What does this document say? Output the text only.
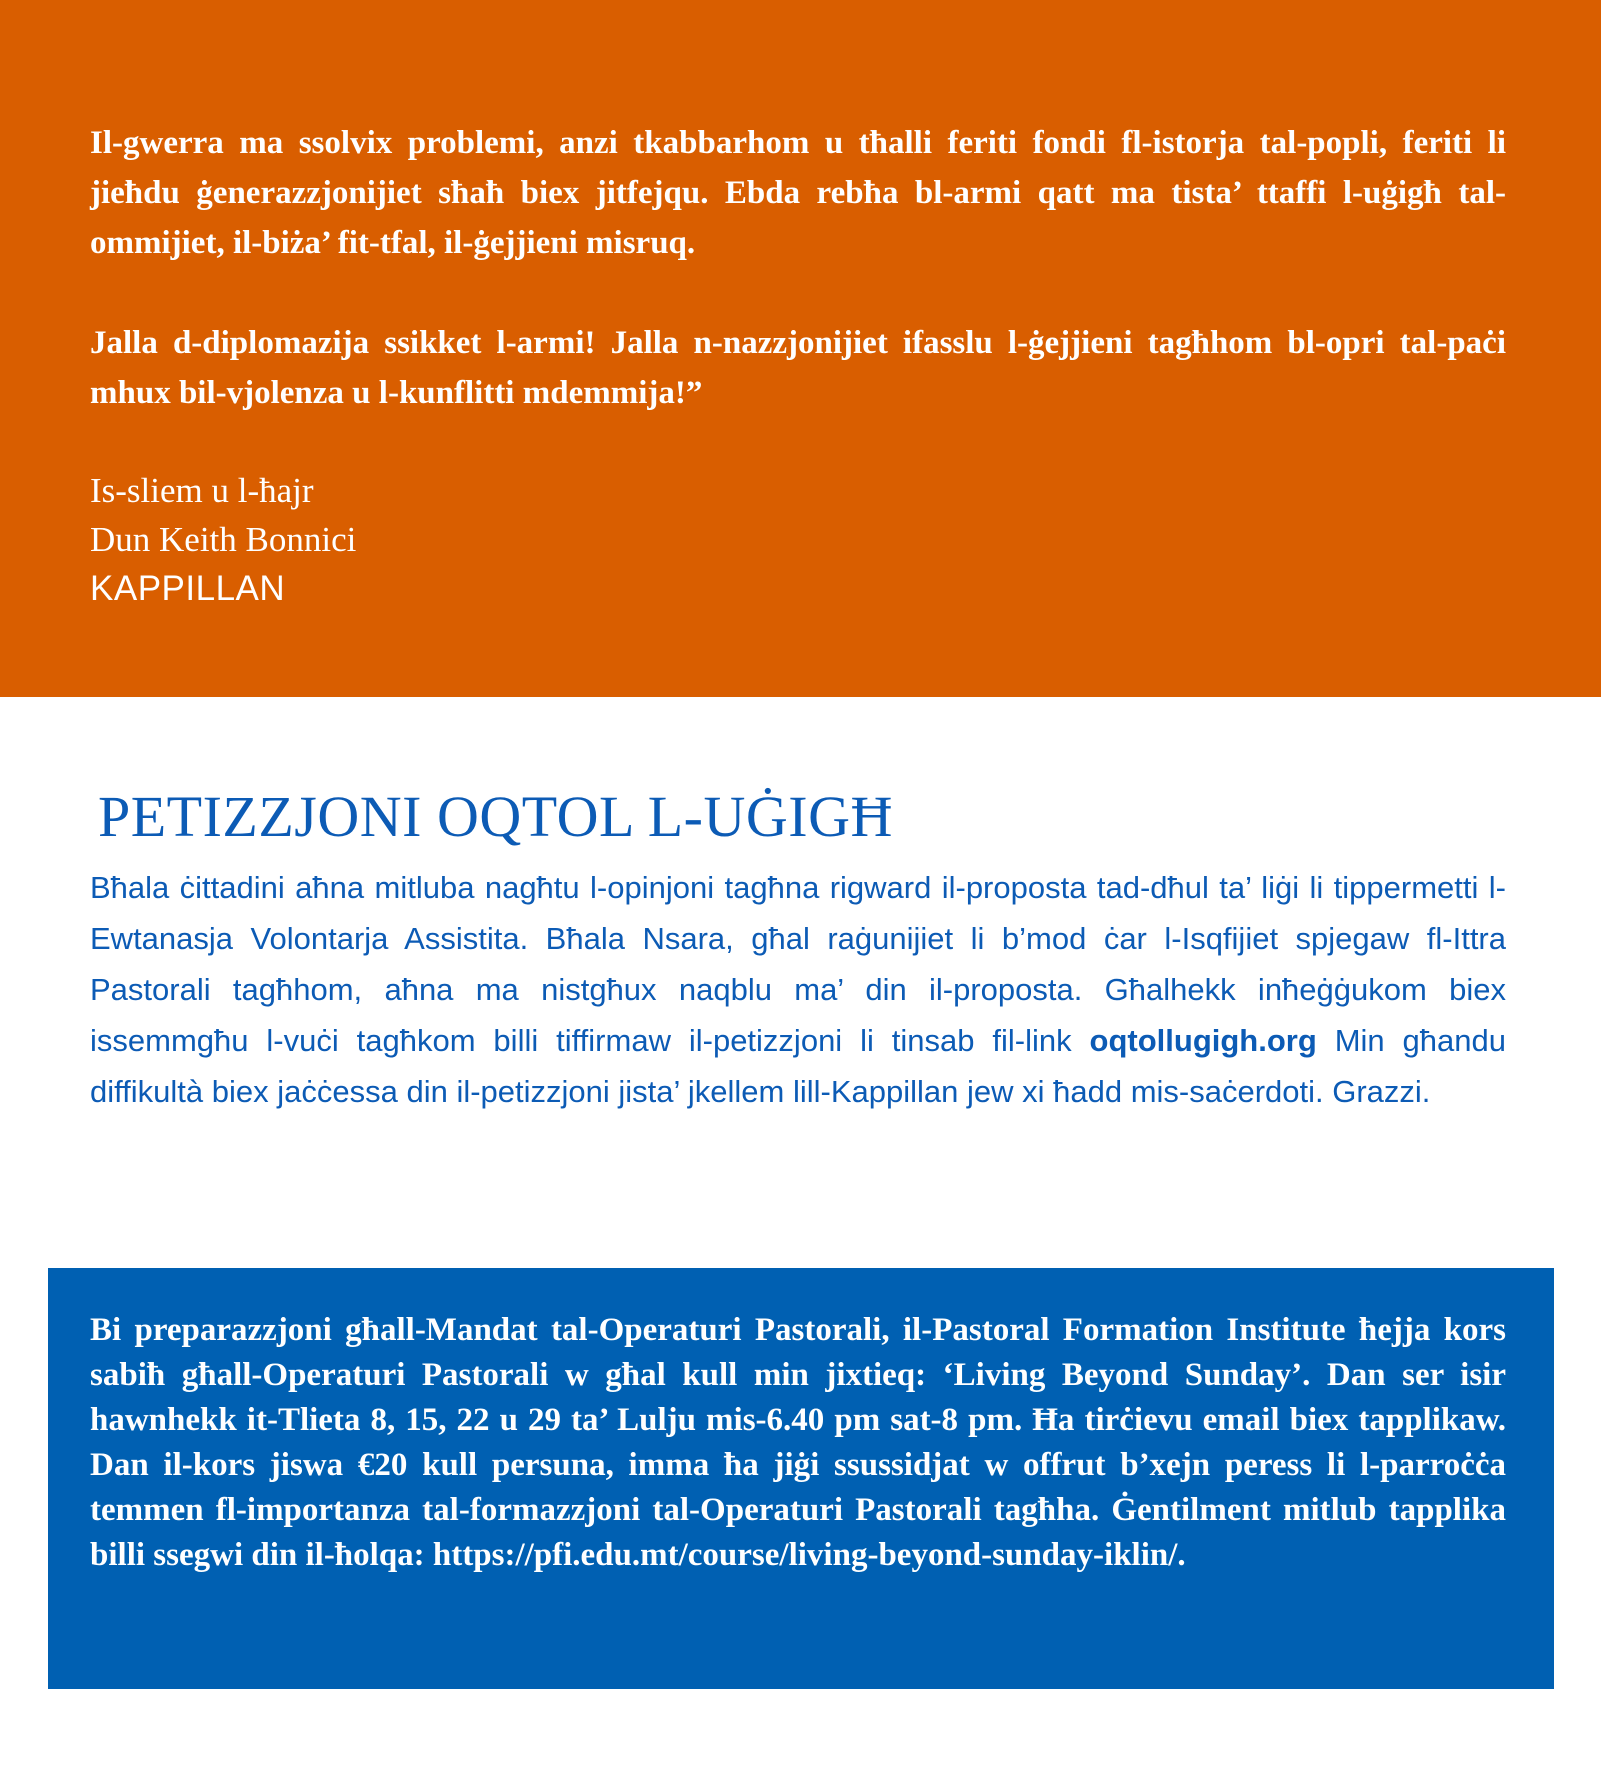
Il-gwerra ma ssolvix problemi, anzi tkabbarhom u tħalli feriti fondi fl-istorja tal-popli, feriti li jieħdu ġenerazzjonijiet sħaħ biex jitfejqu. Ebda rebħa bl-armi qatt ma tista’ ttaffi l-uġigħ tal-ommijiet, il-biża’ fit-tfal, il-ġejjieni misruq.

Jalla d-diplomazija ssikket l-armi! Jalla n-nazzjonijiet ifasslu l-ġejjieni tagħhom bl-opri tal-paċi mhux bil-vjolenza u l-kunflitti mdemmija!”

Is-sliem u l-ħajr
Dun Keith Bonnici
KAPPILLAN
PETIZZJONI OQTOL L-UĠIGĦ

Bħala ċittadini aħna mitluba nagħtu l-opinjoni tagħna rigward il-proposta tad-dħul ta’ liġi li tippermetti l-Ewtanasja Volontarja Assistita. Bħala Nsara, għal raġunijiet li b’mod ċar l-Isqfijiet spjegaw fl-Ittra Pastorali tagħhom, aħna ma nistgħux naqblu ma’ din il-proposta. Għalhekk inħeġġukom biex issemmgħu l-vuċi tagħkom billi tiffirmaw il-petizzjoni li tinsab fil-link oqtollugigh.org Min għandu diffikultà biex jaċċessa din il-petizzjoni jista’ jkellem lill-Kappillan jew xi ħadd mis-saċerdoti. Grazzi.

Bi preparazzjoni għall-Mandat tal-Operaturi Pastorali, il-Pastoral Formation Institute ħejja kors sabiħ għall-Operaturi Pastorali w għal kull min jixtieq: ‘Living Beyond Sunday’. Dan ser isir hawnhekk it-Tlieta 8, 15, 22 u 29 ta’ Lulju mis-6.40 pm sat-8 pm. Ħa tirċievu email biex tapplikaw. Dan il-kors jiswa €20 kull persuna, imma ħa jiġi ssussidjat w offrut b’xejn peress li l-parroċċa temmen fl-importanza tal-formazzjoni tal-Operaturi Pastorali tagħha. Ġentilment mitlub tapplika billi ssegwi din il-ħolqa: https://pfi.edu.mt/course/living-beyond-sunday-iklin/.
